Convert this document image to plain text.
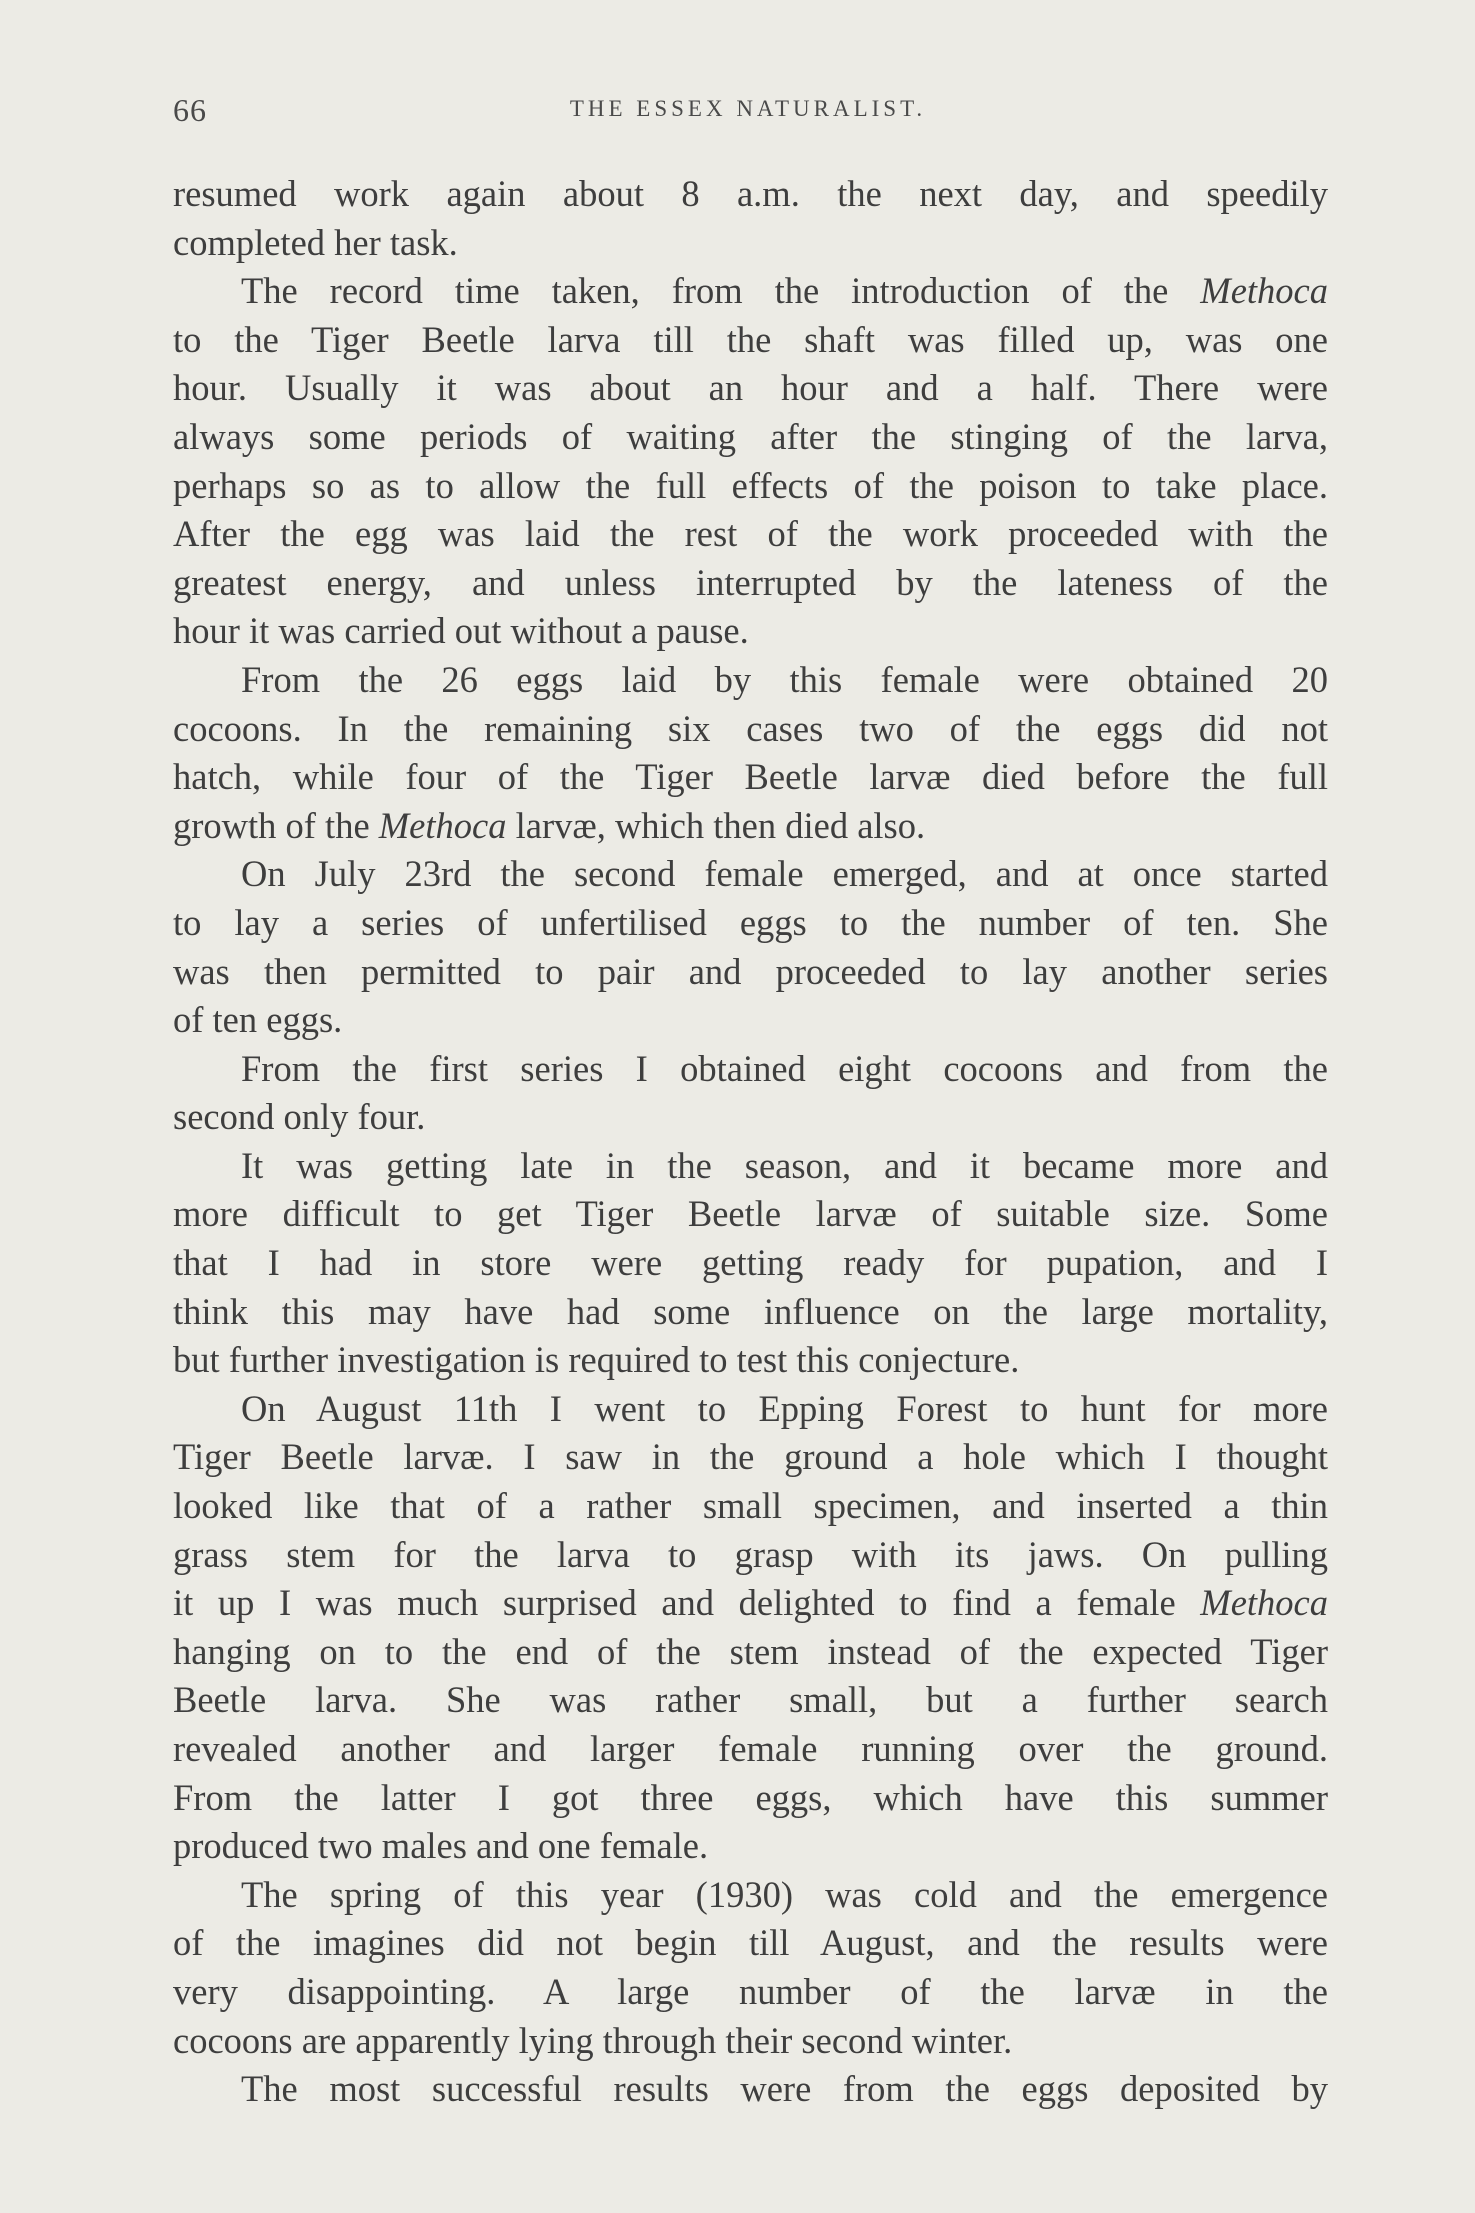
66	THE ESSEX NATURALIST.
resumed work again about 8 a.m. the next day, and speedily
completed her task.
The record time taken, from the introduction of the Methoca
to the Tiger Beetle larva till the shaft was filled up, was one
hour. Usually it was about an hour and a half. There were
always some periods of waiting after the stinging of the larva,
perhaps so as to allow the full effects of the poison to take place.
After the egg was laid the rest of the work proceeded with the
greatest energy, and unless interrupted by the lateness of the
hour it was carried out without a pause.
From the 26 eggs laid by this female were obtained 20
cocoons. In the remaining six cases two of the eggs did not
hatch, while four of the Tiger Beetle larvæ died before the full
growth of the Methoca larvæ, which then died also.
On July 23rd the second female emerged, and at once started
to lay a series of unfertilised eggs to the number of ten. She
was then permitted to pair and proceeded to lay another series
of ten eggs.
From the first series I obtained eight cocoons and from the
second only four.
It was getting late in the season, and it became more and
more difficult to get Tiger Beetle larvæ of suitable size. Some
that I had in store were getting ready for pupation, and I
think this may have had some influence on the large mortality,
but further investigation is required to test this conjecture.
On August 11th I went to Epping Forest to hunt for more
Tiger Beetle larvæ. I saw in the ground a hole which I thought
looked like that of a rather small specimen, and inserted a thin
grass stem for the larva to grasp with its jaws. On pulling
it up I was much surprised and delighted to find a female Methoca
hanging on to the end of the stem instead of the expected Tiger
Beetle larva. She was rather small, but a further search
revealed another and larger female running over the ground.
From the latter I got three eggs, which have this summer
produced two males and one female.
The spring of this year (1930) was cold and the emergence
of the imagines did not begin till August, and the results were
very disappointing. A large number of the larvæ in the
cocoons are apparently lying through their second winter.
The most successful results were from the eggs deposited by
